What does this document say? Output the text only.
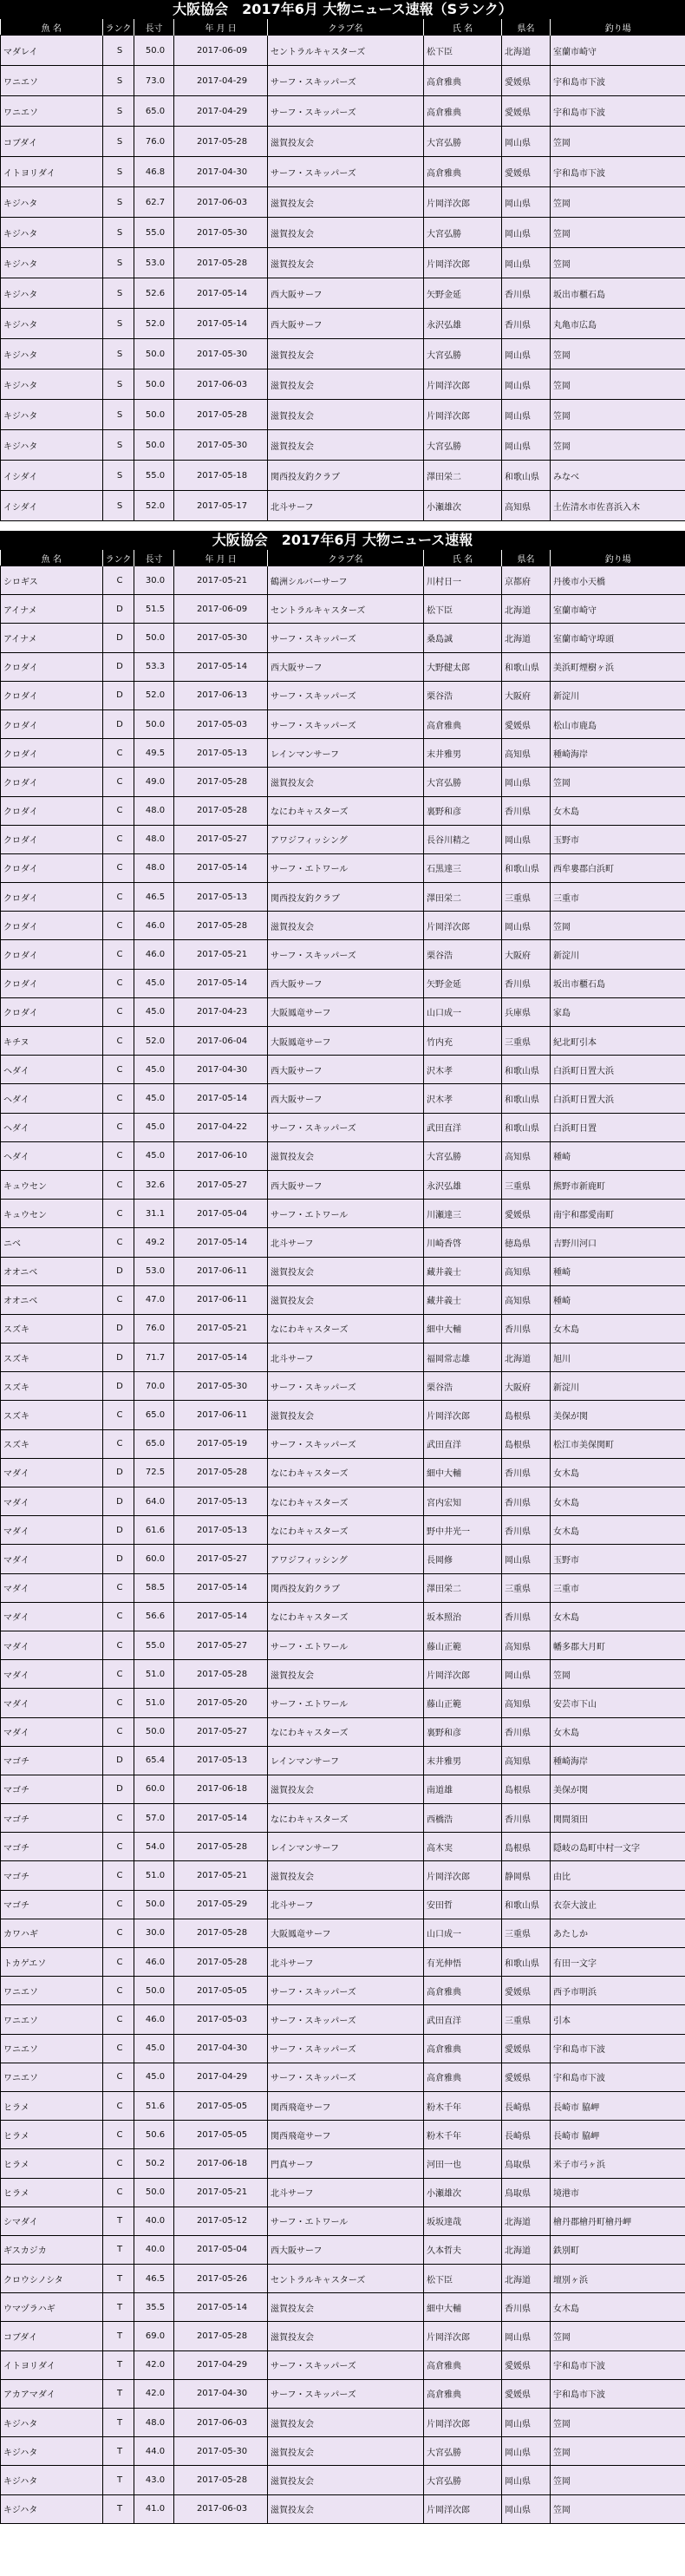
大阪協会　2017年6月 大物ニュース速報（Sランク）
魚 名	ランク	長寸	年 月 日	クラブ名	氏 名	県名	釣り場
マダレイ	S	50.0	2017-06-09	セントラルキャスターズ	松下臣	北海道	室蘭市崎守
ワニエソ	S	73.0	2017-04-29	サーフ・スキッパーズ	高倉雅典	愛媛県	宇和島市下波
ワニエソ	S	65.0	2017-04-29	サーフ・スキッパーズ	高倉雅典	愛媛県	宇和島市下波
コブダイ	S	76.0	2017-05-28	滋賀投友会	大宮弘勝	岡山県	笠岡
イトヨリダイ	S	46.8	2017-04-30	サーフ・スキッパーズ	高倉雅典	愛媛県	宇和島市下波
キジハタ	S	62.7	2017-06-03	滋賀投友会	片岡洋次郎	岡山県	笠岡
キジハタ	S	55.0	2017-05-30	滋賀投友会	大宮弘勝	岡山県	笠岡
キジハタ	S	53.0	2017-05-28	滋賀投友会	片岡洋次郎	岡山県	笠岡
キジハタ	S	52.6	2017-05-14	西大阪サーフ	矢野金延	香川県	坂出市櫃石島
キジハタ	S	52.0	2017-05-14	西大阪サーフ	永沢弘雄	香川県	丸亀市広島
キジハタ	S	50.0	2017-05-30	滋賀投友会	大宮弘勝	岡山県	笠岡
キジハタ	S	50.0	2017-06-03	滋賀投友会	片岡洋次郎	岡山県	笠岡
キジハタ	S	50.0	2017-05-28	滋賀投友会	片岡洋次郎	岡山県	笠岡
キジハタ	S	50.0	2017-05-30	滋賀投友会	大宮弘勝	岡山県	笠岡
イシダイ	S	55.0	2017-05-18	関西投友釣クラブ	澤田栄二	和歌山県	みなべ
イシダイ	S	52.0	2017-05-17	北斗サーフ	小瀬雄次	高知県	土佐清水市佐喜浜入木
大阪協会　2017年6月 大物ニュース速報
魚 名	ランク	長寸	年 月 日	クラブ名	氏 名	県名	釣り場
シロギス	C	30.0	2017-05-21	鶴洲シルバーサーフ	川村日一	京都府	丹後市小天橋
アイナメ	D	51.5	2017-06-09	セントラルキャスターズ	松下臣	北海道	室蘭市崎守
アイナメ	D	50.0	2017-05-30	サーフ・スキッパーズ	桑島誠	北海道	室蘭市崎守埠頭
クロダイ	D	53.3	2017-05-14	西大阪サーフ	大野健太郎	和歌山県	美浜町煙樹ヶ浜
クロダイ	D	52.0	2017-06-13	サーフ・スキッパーズ	栗谷浩	大阪府	新淀川
クロダイ	D	50.0	2017-05-03	サーフ・スキッパーズ	高倉雅典	愛媛県	松山市鹿島
クロダイ	C	49.5	2017-05-13	レインマンサーフ	末井雅男	高知県	種崎海岸
クロダイ	C	49.0	2017-05-28	滋賀投友会	大宮弘勝	岡山県	笠岡
クロダイ	C	48.0	2017-05-28	なにわキャスターズ	裏野和彦	香川県	女木島
クロダイ	C	48.0	2017-05-27	アワジフィッシング	長谷川精之	岡山県	玉野市
クロダイ	C	48.0	2017-05-14	サーフ・エトワール	石黒達三	和歌山県	西牟婁郡白浜町
クロダイ	C	46.5	2017-05-13	関西投友釣クラブ	澤田栄二	三重県	三重市
クロダイ	C	46.0	2017-05-28	滋賀投友会	片岡洋次郎	岡山県	笠岡
クロダイ	C	46.0	2017-05-21	サーフ・スキッパーズ	栗谷浩	大阪府	新淀川
クロダイ	C	45.0	2017-05-14	西大阪サーフ	矢野金延	香川県	坂出市櫃石島
クロダイ	C	45.0	2017-04-23	大阪鳳竜サーフ	山口成一	兵庫県	家島
キチヌ	C	52.0	2017-06-04	大阪鳳竜サーフ	竹内充	三重県	紀北町引本
ヘダイ	C	45.0	2017-04-30	西大阪サーフ	沢木孝	和歌山県	白浜町日置大浜
ヘダイ	C	45.0	2017-05-14	西大阪サーフ	沢木孝	和歌山県	白浜町日置大浜
ヘダイ	C	45.0	2017-04-22	サーフ・スキッパーズ	武田直洋	和歌山県	白浜町日置
ヘダイ	C	45.0	2017-06-10	滋賀投友会	大宮弘勝	高知県	種崎
キュウセン	C	32.6	2017-05-27	西大阪サーフ	永沢弘雄	三重県	熊野市新鹿町
キュウセン	C	31.1	2017-05-04	サーフ・エトワール	川瀬達三	愛媛県	南宇和郡愛南町
ニベ	C	49.2	2017-05-14	北斗サーフ	川崎香啓	徳島県	吉野川河口
オオニベ	D	53.0	2017-06-11	滋賀投友会	藏井義士	高知県	種崎
オオニベ	C	47.0	2017-06-11	滋賀投友会	藏井義士	高知県	種崎
スズキ	D	76.0	2017-05-21	なにわキャスターズ	細中大輔	香川県	女木島
スズキ	D	71.7	2017-05-14	北斗サーフ	福岡常志雄	北海道	旭川
スズキ	D	70.0	2017-05-30	サーフ・スキッパーズ	栗谷浩	大阪府	新淀川
スズキ	C	65.0	2017-06-11	滋賀投友会	片岡洋次郎	島根県	美保が関
スズキ	C	65.0	2017-05-19	サーフ・スキッパーズ	武田直洋	島根県	松江市美保関町
マダイ	D	72.5	2017-05-28	なにわキャスターズ	細中大輔	香川県	女木島
マダイ	D	64.0	2017-05-13	なにわキャスターズ	宮内宏知	香川県	女木島
マダイ	D	61.6	2017-05-13	なにわキャスターズ	野中井光一	香川県	女木島
マダイ	D	60.0	2017-05-27	アワジフィッシング	長岡修	岡山県	玉野市
マダイ	C	58.5	2017-05-14	関西投友釣クラブ	澤田栄二	三重県	三重市
マダイ	C	56.6	2017-05-14	なにわキャスターズ	坂本照治	香川県	女木島
マダイ	C	55.0	2017-05-27	サーフ・エトワール	藤山正範	高知県	幡多郡大月町
マダイ	C	51.0	2017-05-28	滋賀投友会	片岡洋次郎	岡山県	笠岡
マダイ	C	51.0	2017-05-20	サーフ・エトワール	藤山正範	高知県	安芸市下山
マダイ	C	50.0	2017-05-27	なにわキャスターズ	裏野和彦	香川県	女木島
マゴチ	D	65.4	2017-05-13	レインマンサーフ	末井雅男	高知県	種崎海岸
マゴチ	D	60.0	2017-06-18	滋賀投友会	南道雄	島根県	美保が関
マゴチ	C	57.0	2017-05-14	なにわキャスターズ	西橋浩	香川県	関間須田
マゴチ	C	54.0	2017-05-28	レインマンサーフ	高木実	島根県	隠岐の島町中村一文字
マゴチ	C	51.0	2017-05-21	滋賀投友会	片岡洋次郎	静岡県	由比
マゴチ	C	50.0	2017-05-29	北斗サーフ	安田哲	和歌山県	衣奈大波止
カワハギ	C	30.0	2017-05-28	大阪鳳竜サーフ	山口成一	三重県	あたしか
トカゲエソ	C	46.0	2017-05-28	北斗サーフ	有光伸悟	和歌山県	有田一文字
ワニエソ	C	50.0	2017-05-05	サーフ・スキッパーズ	高倉雅典	愛媛県	西予市明浜
ワニエソ	C	46.0	2017-05-03	サーフ・スキッパーズ	武田直洋	三重県	引本
ワニエソ	C	45.0	2017-04-30	サーフ・スキッパーズ	高倉雅典	愛媛県	宇和島市下波
ワニエソ	C	45.0	2017-04-29	サーフ・スキッパーズ	高倉雅典	愛媛県	宇和島市下波
ヒラメ	C	51.6	2017-05-05	関西飛竜サーフ	粉木千年	長崎県	長崎市 脇岬
ヒラメ	C	50.6	2017-05-05	関西飛竜サーフ	粉木千年	長崎県	長崎市 脇岬
ヒラメ	C	50.2	2017-06-18	門真サーフ	河田一也	鳥取県	米子市弓ヶ浜
ヒラメ	C	50.0	2017-05-21	北斗サーフ	小瀬雄次	鳥取県	境港市
シマダイ	T	40.0	2017-05-12	サーフ・エトワール	坂坂達哉	北海道	檜丹郡檜丹町檜丹岬
ギスカジカ	T	40.0	2017-05-04	西大阪サーフ	久本哲夫	北海道	鉄別町
クロウシノシタ	T	46.5	2017-05-26	セントラルキャスターズ	松下臣	北海道	壇別ヶ浜
ウマヅラハギ	T	35.5	2017-05-14	滋賀投友会	細中大輔	香川県	女木島
コブダイ	T	69.0	2017-05-28	滋賀投友会	片岡洋次郎	岡山県	笠岡
イトヨリダイ	T	42.0	2017-04-29	サーフ・スキッパーズ	高倉雅典	愛媛県	宇和島市下波
アカアマダイ	T	42.0	2017-04-30	サーフ・スキッパーズ	高倉雅典	愛媛県	宇和島市下波
キジハタ	T	48.0	2017-06-03	滋賀投友会	片岡洋次郎	岡山県	笠岡
キジハタ	T	44.0	2017-05-30	滋賀投友会	大宮弘勝	岡山県	笠岡
キジハタ	T	43.0	2017-05-28	滋賀投友会	大宮弘勝	岡山県	笠岡
キジハタ	T	41.0	2017-06-03	滋賀投友会	片岡洋次郎	岡山県	笠岡
